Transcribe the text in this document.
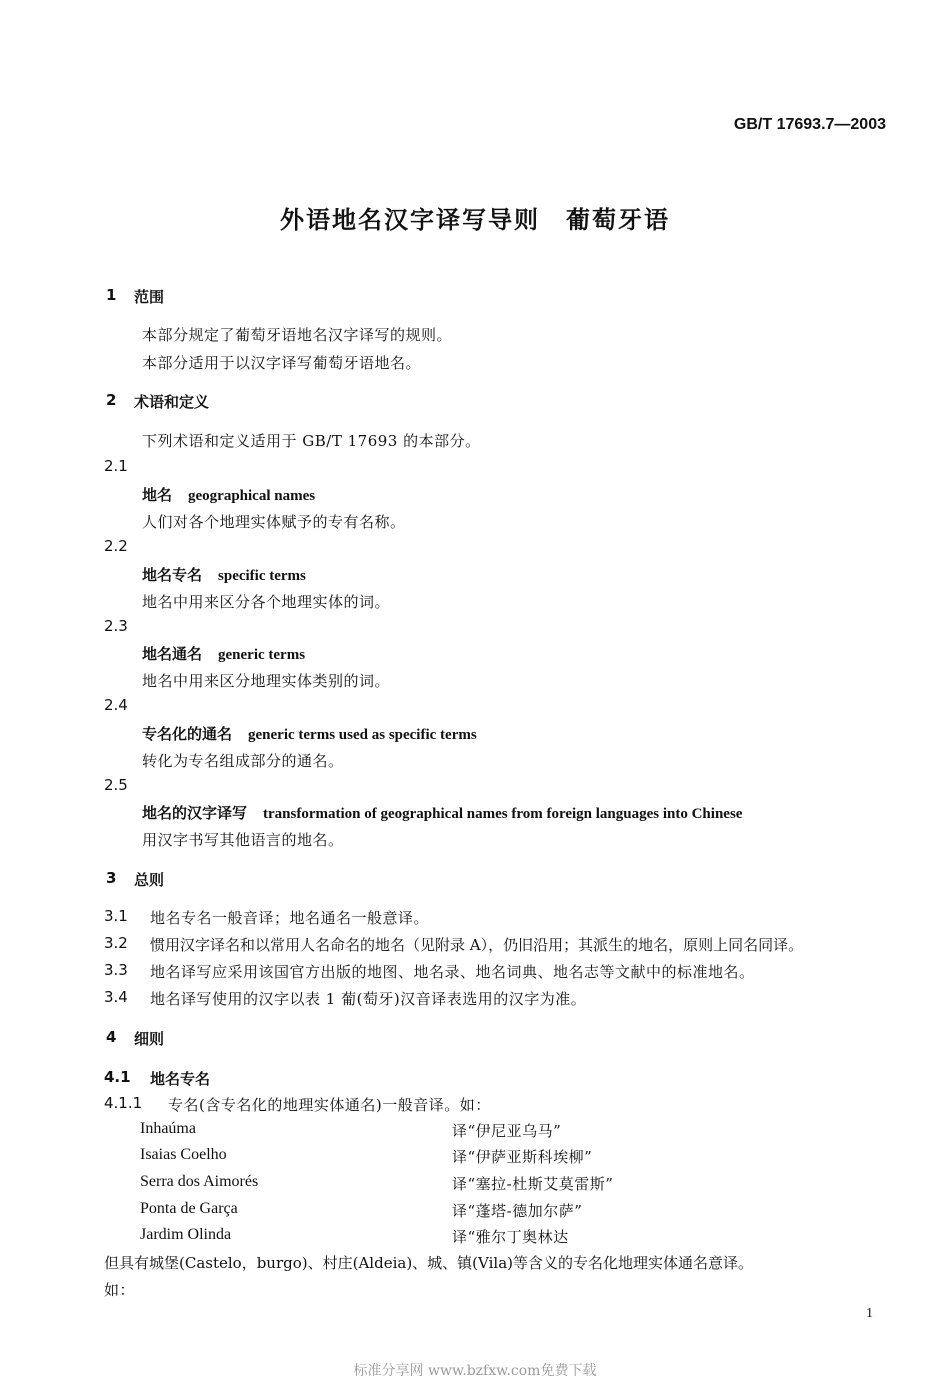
GB/T 17693.7—2003
外语地名汉字译写导则　葡萄牙语
1 范围
本部分规定了葡萄牙语地名汉字译写的规则。
本部分适用于以汉字译写葡萄牙语地名。
2 术语和定义
下列术语和定义适用于 GB/T 17693 的本部分。
2.1
地名 geographical names
人们对各个地理实体赋予的专有名称。
2.2
地名专名 specific terms
地名中用来区分各个地理实体的词。
2.3
地名通名 generic terms
地名中用来区分地理实体类别的词。
2.4
专名化的通名 generic terms used as specific terms
转化为专名组成部分的通名。
2.5
地名的汉字译写 transformation of geographical names from foreign languages into Chinese
用汉字书写其他语言的地名。
3 总则
3.1 地名专名一般音译；地名通名一般意译。
3.2 惯用汉字译名和以常用人名命名的地名（见附录 A），仍旧沿用；其派生的地名，原则上同名同译。
3.3 地名译写应采用该国官方出版的地图、地名录、地名词典、地名志等文献中的标准地名。
3.4 地名译写使用的汉字以表 1 葡(萄牙)汉音译表选用的汉字为准。
4 细则
4.1 地名专名
4.1.1 专名(含专名化的地理实体通名)一般音译。如：
Inhaúma	译“伊尼亚乌马”
Isaias Coelho	译“伊萨亚斯科埃柳”
Serra dos Aimorés	译“塞拉-杜斯艾莫雷斯”
Ponta de Garça	译“蓬塔-德加尔萨”
Jardim Olinda	译“雅尔丁奥林达
但具有城堡(Castelo，burgo)、村庄(Aldeia)、城、镇(Vila)等含义的专名化地理实体通名意译。
如：
1
标准分享网 www.bzfxw.com免费下载
